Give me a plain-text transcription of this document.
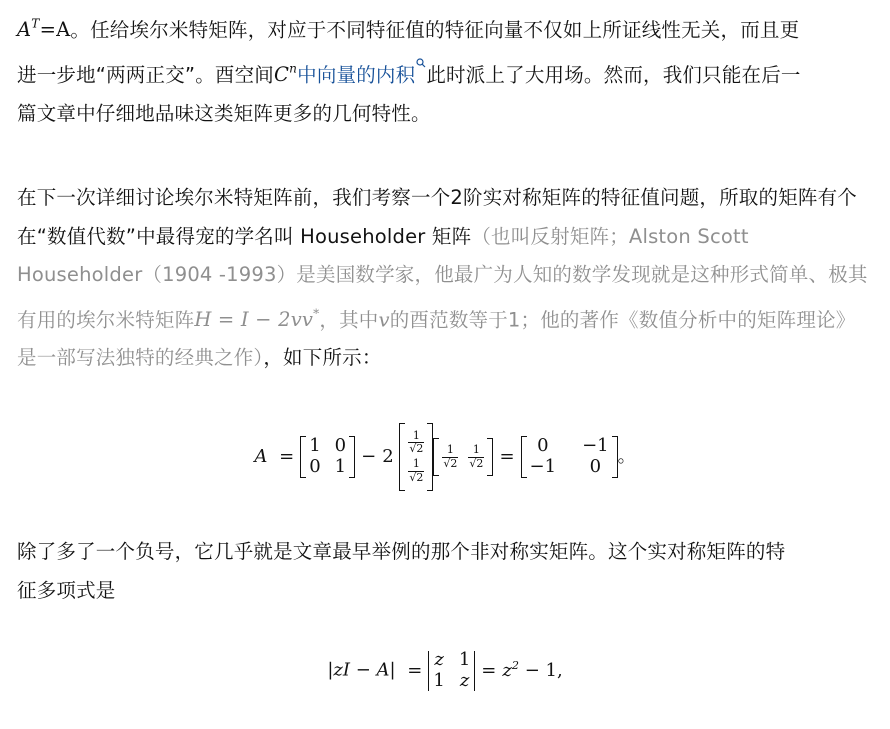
$A^T=A$。任给埃尔米特矩阵，对应于不同特征值的特征向量不仅如上所证线性无关，而且更
进一步地“两两正交”。酉空间$C^n$中向量的内积 此时派上了大用场。然而，我们只能在后一
篇文章中仔细地品味这类矩阵更多的几何特性。
在下一次详细讨论埃尔米特矩阵前，我们考察一个2阶实对称矩阵的特征值问题，所取的矩阵有个在“数值代数”中最得宠的学名叫 Householder 矩阵（也叫反射矩阵；Alston Scott Householder（1904 -1993）是美国数学家，他最广为人知的数学发现就是这种形式简单、极其有用的埃尔米特矩阵H = I − 2vv*，其中v的酉范数等于1；他的著作《数值分析中的矩阵理论》是一部写法独特的经典之作），如下所示：
A =
1 0
0 1 − 2
$\frac{1}{√2}$
$\frac{1}{√2}$
$\frac{1}{√2} \frac{1}{√2}$ =
0	−1
−1	0 。
除了多了一个负号，它几乎就是文章最早举例的那个非对称实矩阵。这个实对称矩阵的特
征多项式是
|zI − A| =
z 1
1 $z = z^2 - 1$,
